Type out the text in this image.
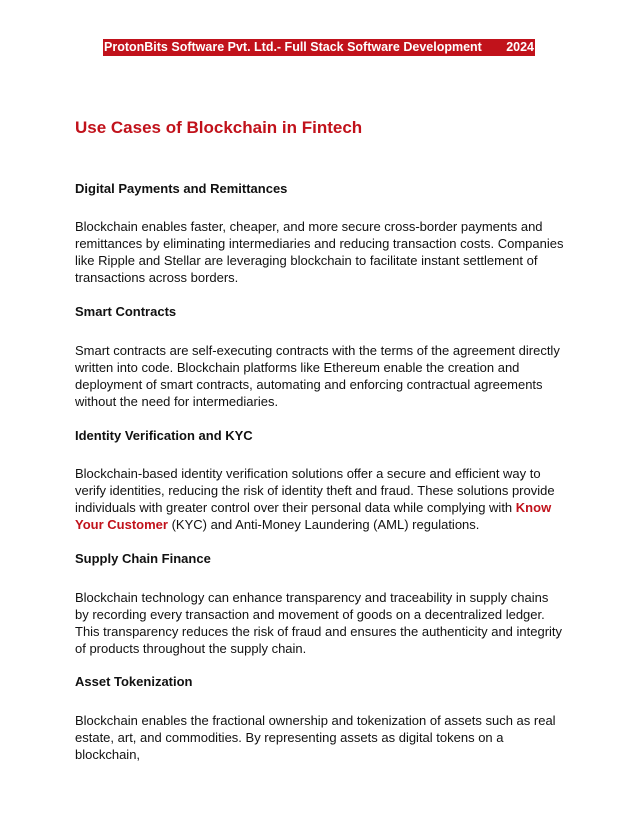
ProtonBits Software Pvt. Ltd.- Full Stack Software Development 2024
Use Cases of Blockchain in Fintech
Digital Payments and Remittances

Blockchain enables faster, cheaper, and more secure cross-border payments and remittances by eliminating intermediaries and reducing transaction costs. Companies like Ripple and Stellar are leveraging blockchain to facilitate instant settlement of transactions across borders.

Smart Contracts

Smart contracts are self-executing contracts with the terms of the agreement directly written into code. Blockchain platforms like Ethereum enable the creation and deployment of smart contracts, automating and enforcing contractual agreements without the need for intermediaries.

Identity Verification and KYC

Blockchain-based identity verification solutions offer a secure and efficient way to verify identities, reducing the risk of identity theft and fraud. These solutions provide individuals with greater control over their personal data while complying with Know Your Customer (KYC) and Anti-Money Laundering (AML) regulations.

Supply Chain Finance

Blockchain technology can enhance transparency and traceability in supply chains by recording every transaction and movement of goods on a decentralized ledger. This transparency reduces the risk of fraud and ensures the authenticity and integrity of products throughout the supply chain.

Asset Tokenization

Blockchain enables the fractional ownership and tokenization of assets such as real estate, art, and commodities. By representing assets as digital tokens on a blockchain,
